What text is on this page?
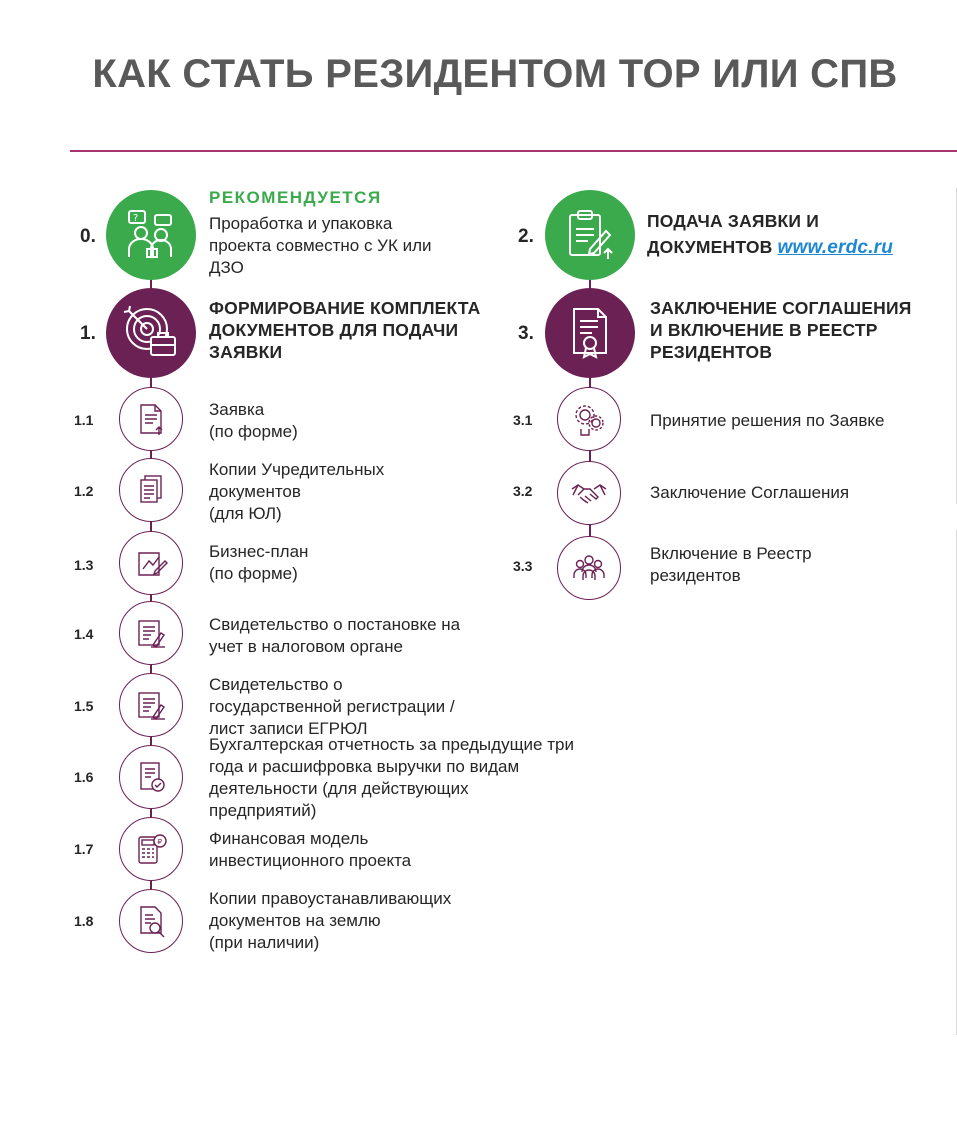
КАК СТАТЬ РЕЗИДЕНТОМ ТОР ИЛИ СПВ
0.
?
РЕКОМЕНДУЕТСЯ
Проработка и упаковка
проекта совместно с УК или
ДЗО
1.
ФОРМИРОВАНИЕ КОМПЛЕКТА
ДОКУМЕНТОВ ДЛЯ ПОДАЧИ
ЗАЯВКИ
1.1
Заявка
(по форме)
1.2
Копии Учредительных
документов
(для ЮЛ)
1.3
Бизнес-план
(по форме)
1.4	Свидетельство о постановке на
учет в налоговом органе
1.5
Свидетельство о
государственной регистрации /
лист записи ЕГРЮЛ
1.6
Бухгалтерская отчетность за предыдущие три
года и расшифровка выручки по видам
деятельности (для действующих
предприятий)
1.7	₽	Финансовая модель
инвестиционного проекта
1.8
Копии правоустанавливающих
документов на землю
(при наличии)
2.
ПОДАЧА ЗАЯВКИ И
ДОКУМЕНТОВ www.erdc.ru
3.
ЗАКЛЮЧЕНИЕ СОГЛАШЕНИЯ
И ВКЛЮЧЕНИЕ В РЕЕСТР
РЕЗИДЕНТОВ
3.1	Принятие решения по Заявке
3.2	Заключение Соглашения
3.3
Включение в Реестр
резидентов
